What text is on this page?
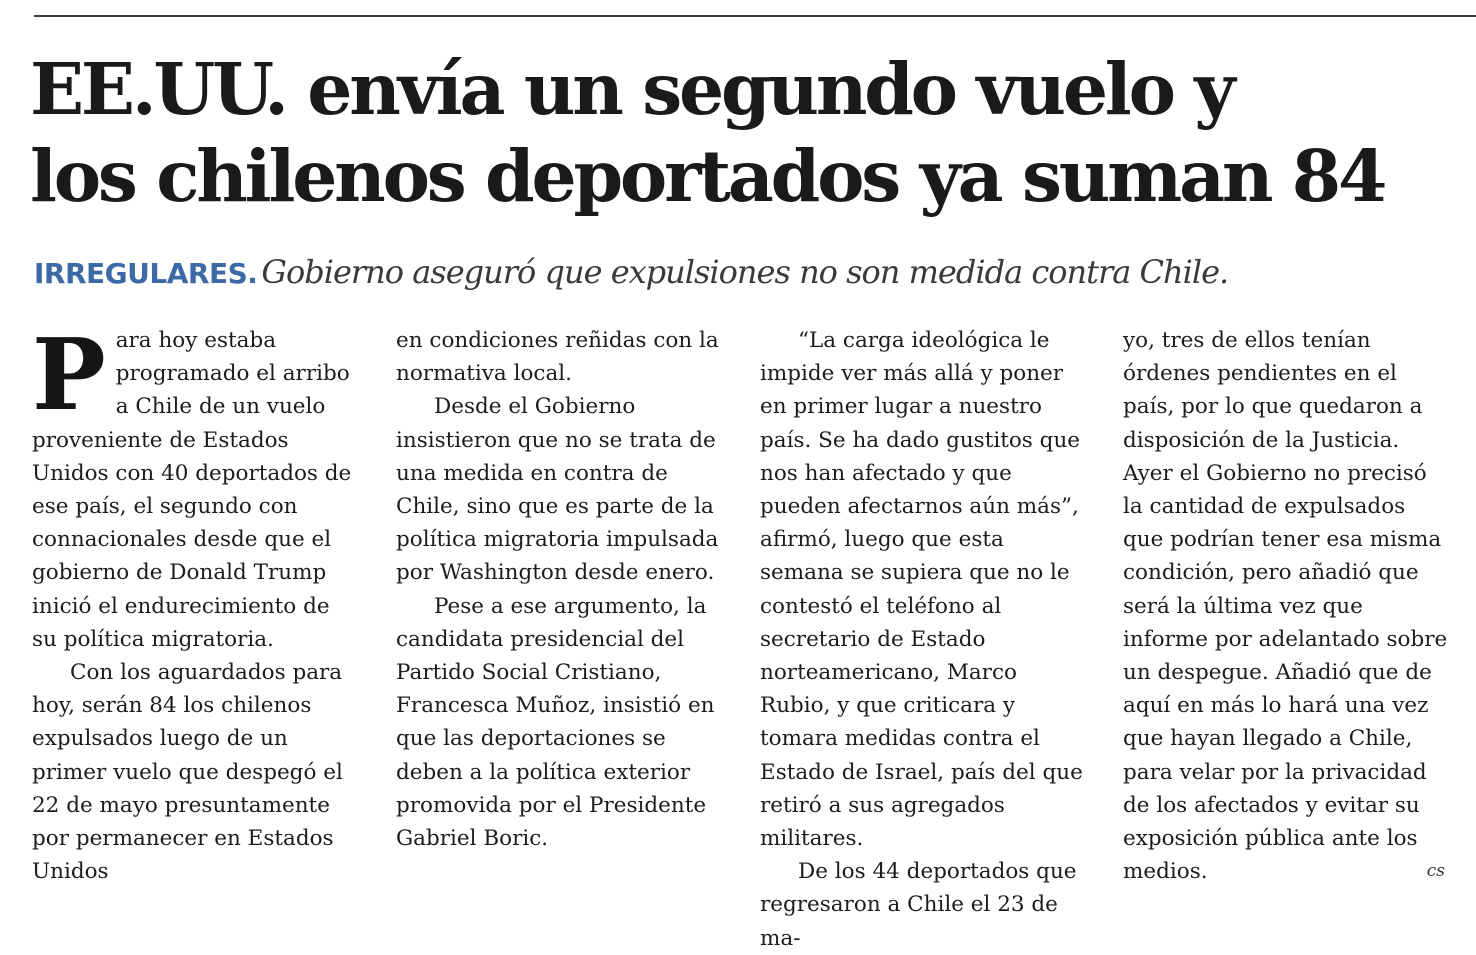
EE.UU. envía un segundo vuelo y
los chilenos deportados ya suman 84
IRREGULARES. Gobierno aseguró que expulsiones no son medida contra Chile.
P ara hoy estaba programado el arribo a Chile de un vuelo proveniente de Estados Unidos con 40 deportados de ese país, el segundo con connacionales desde que el gobierno de Donald Trump inició el endurecimiento de su política migratoria.

Con los aguardados para hoy, serán 84 los chilenos expulsados luego de un primer vuelo que despegó el 22 de mayo presuntamente por permanecer en Estados Unidos

en condiciones reñidas con la normativa local.

Desde el Gobierno insistieron que no se trata de una medida en contra de Chile, sino que es parte de la política migratoria impulsada por Washington desde enero.

Pese a ese argumento, la candidata presidencial del Partido Social Cristiano, Francesca Muñoz, insistió en que las deportaciones se deben a la política exterior promovida por el Presidente Gabriel Boric.

“La carga ideológica le impide ver más allá y poner en primer lugar a nuestro país. Se ha dado gustitos que nos han afectado y que pueden afectarnos aún más”, afirmó, luego que esta semana se supiera que no le contestó el teléfono al secretario de Estado norteamericano, Marco Rubio, y que criticara y tomara medidas contra el Estado de Israel, país del que retiró a sus agregados militares.

De los 44 deportados que regresaron a Chile el 23 de ma-

yo, tres de ellos tenían órdenes pendientes en el país, por lo que quedaron a disposición de la Justicia. Ayer el Gobierno no precisó la cantidad de expulsados que podrían tener esa misma condición, pero añadió que será la última vez que informe por adelantado sobre un despegue. Añadió que de aquí en más lo hará una vez que hayan llegado a Chile, para velar por la privacidad de los afectados y evitar su exposición pública ante los medios.	cs
